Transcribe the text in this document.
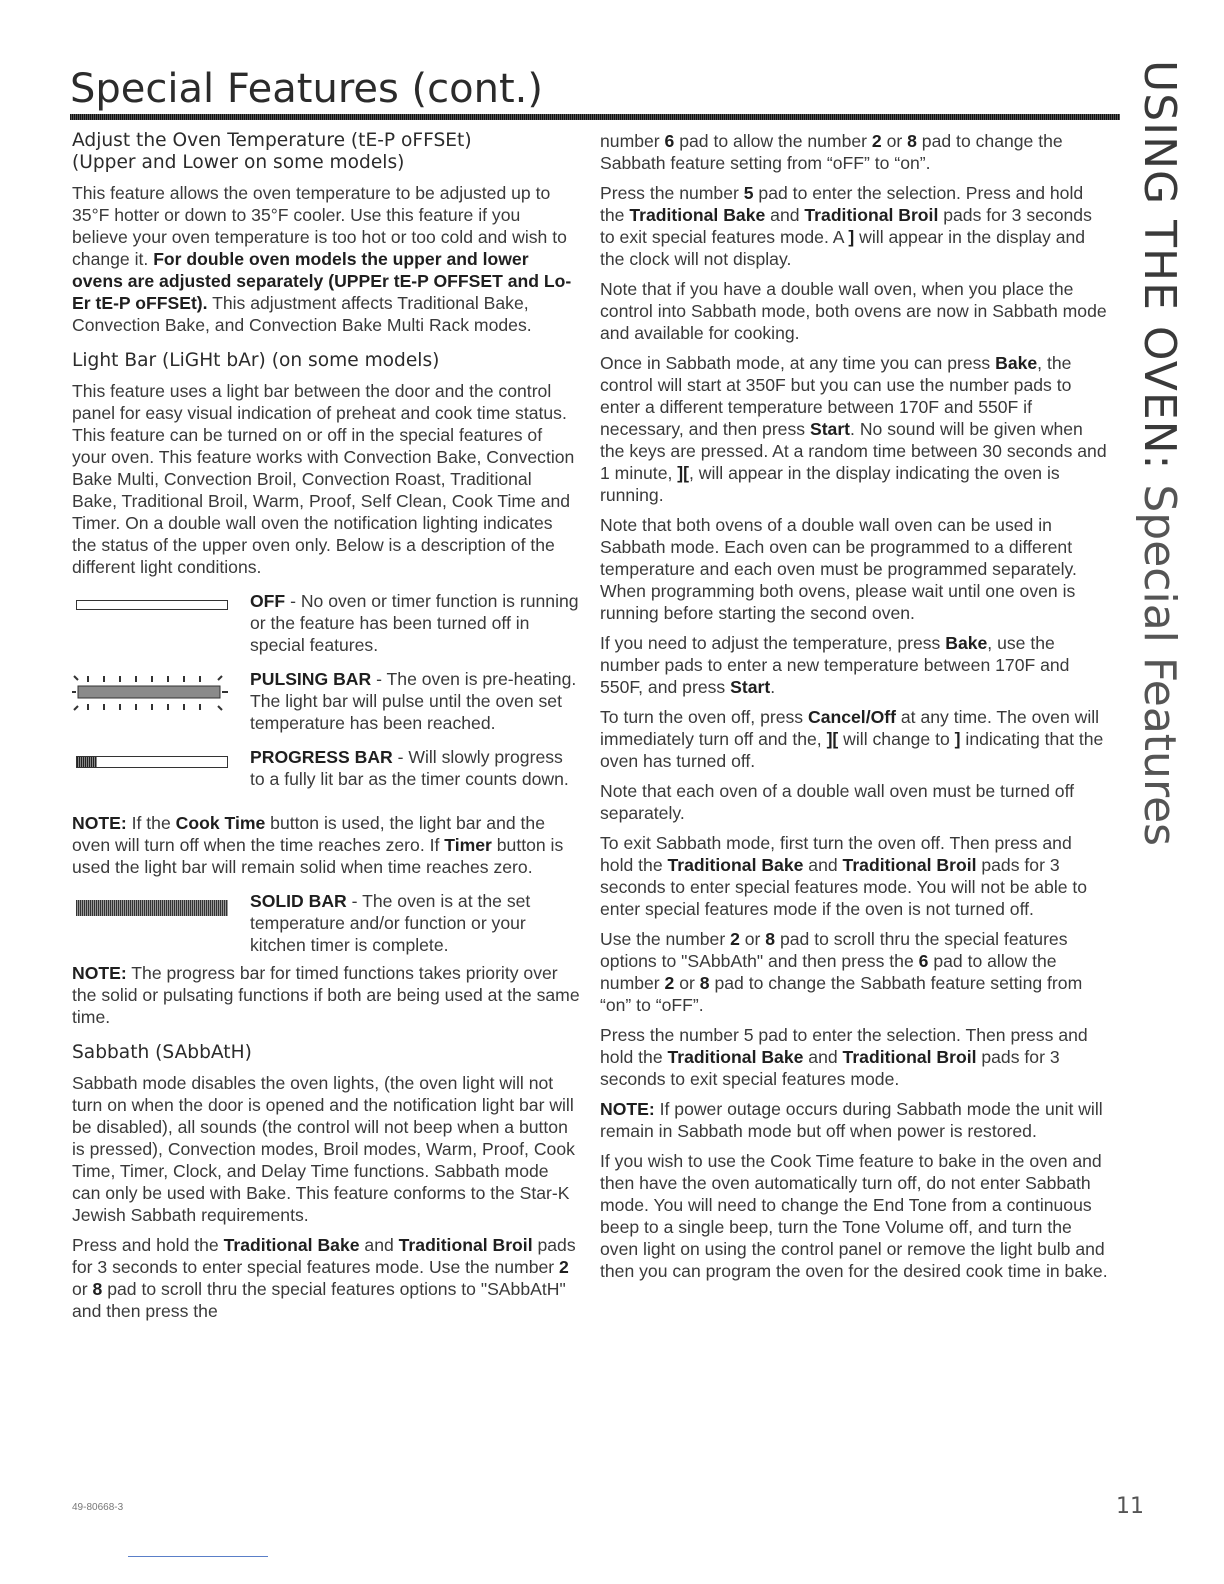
Special Features (cont.)
Adjust the Oven Temperature (tE-P oFFSEt)
(Upper and Lower on some models)

This feature allows the oven temperature to be adjusted up to 35°F hotter or down to 35°F cooler. Use this feature if you believe your oven temperature is too hot or too cold and wish to change it. For double oven models the upper and lower ovens are adjusted separately (UPPEr tE-P OFFSET and Lo-Er tE-P oFFSEt). This adjustment affects Traditional Bake, Convection Bake, and Convection Bake Multi Rack modes.

Light Bar (LiGHt bAr) (on some models)

This feature uses a light bar between the door and the control panel for easy visual indication of preheat and cook time status. This feature can be turned on or off in the special features of your oven. This feature works with Convection Bake, Convection Bake Multi, Convection Broil, Convection Roast, Traditional Bake, Traditional Broil, Warm, Proof, Self Clean, Cook Time and Timer. On a double wall oven the notification lighting indicates the status of the upper oven only. Below is a description of the different light conditions.

OFF - No oven or timer function is running or the feature has been turned off in special features.

PULSING BAR - The oven is pre-heating. The light bar will pulse until the oven set temperature has been reached.

PROGRESS BAR - Will slowly progress to a fully lit bar as the timer counts down.

NOTE: If the Cook Time button is used, the light bar and the oven will turn off when the time reaches zero. If Timer button is used the light bar will remain solid when time reaches zero.

SOLID BAR - The oven is at the set temperature and/or function or your kitchen timer is complete.

NOTE: The progress bar for timed functions takes priority over the solid or pulsating functions if both are being used at the same time.

Sabbath (SAbbAtH)

Sabbath mode disables the oven lights, (the oven light will not turn on when the door is opened and the notification light bar will be disabled), all sounds (the control will not beep when a button is pressed), Convection modes, Broil modes, Warm, Proof, Cook Time, Timer, Clock, and Delay Time functions. Sabbath mode can only be used with Bake. This feature conforms to the Star-K Jewish Sabbath requirements.

Press and hold the Traditional Bake and Traditional Broil pads for 3 seconds to enter special features mode. Use the number 2 or 8 pad to scroll thru the special features options to "SAbbAtH" and then press the

number 6 pad to allow the number 2 or 8 pad to change the Sabbath feature setting from “oFF” to “on”.

Press the number 5 pad to enter the selection. Press and hold the Traditional Bake and Traditional Broil pads for 3 seconds to exit special features mode. A ] will appear in the display and the clock will not display.

Note that if you have a double wall oven, when you place the control into Sabbath mode, both ovens are now in Sabbath mode and available for cooking.

Once in Sabbath mode, at any time you can press Bake, the control will start at 350F but you can use the number pads to enter a different temperature between 170F and 550F if necessary, and then press Start. No sound will be given when the keys are pressed. At a random time between 30 seconds and 1 minute, ][, will appear in the display indicating the oven is running.

Note that both ovens of a double wall oven can be used in Sabbath mode. Each oven can be programmed to a different temperature and each oven must be programmed separately. When programming both ovens, please wait until one oven is running before starting the second oven.

If you need to adjust the temperature, press Bake, use the number pads to enter a new temperature between 170F and 550F, and press Start.

To turn the oven off, press Cancel/Off at any time. The oven will immediately turn off and the, ][ will change to ] indicating that the oven has turned off.

Note that each oven of a double wall oven must be turned off separately.

To exit Sabbath mode, first turn the oven off. Then press and hold the Traditional Bake and Traditional Broil pads for 3 seconds to enter special features mode. You will not be able to enter special features mode if the oven is not turned off.

Use the number 2 or 8 pad to scroll thru the special features options to "SAbbAth" and then press the 6 pad to allow the number 2 or 8 pad to change the Sabbath feature setting from “on” to “oFF”.

Press the number 5 pad to enter the selection. Then press and hold the Traditional Bake and Traditional Broil pads for 3 seconds to exit special features mode.

NOTE: If power outage occurs during Sabbath mode the unit will remain in Sabbath mode but off when power is restored.

If you wish to use the Cook Time feature to bake in the oven and then have the oven automatically turn off, do not enter Sabbath mode. You will need to change the End Tone from a continuous beep to a single beep, turn the Tone Volume off, and turn the oven light on using the control panel or remove the light bulb and then you can program the oven for the desired cook time in bake.

USING THE OVEN: Special Features
49-80668-3	11
